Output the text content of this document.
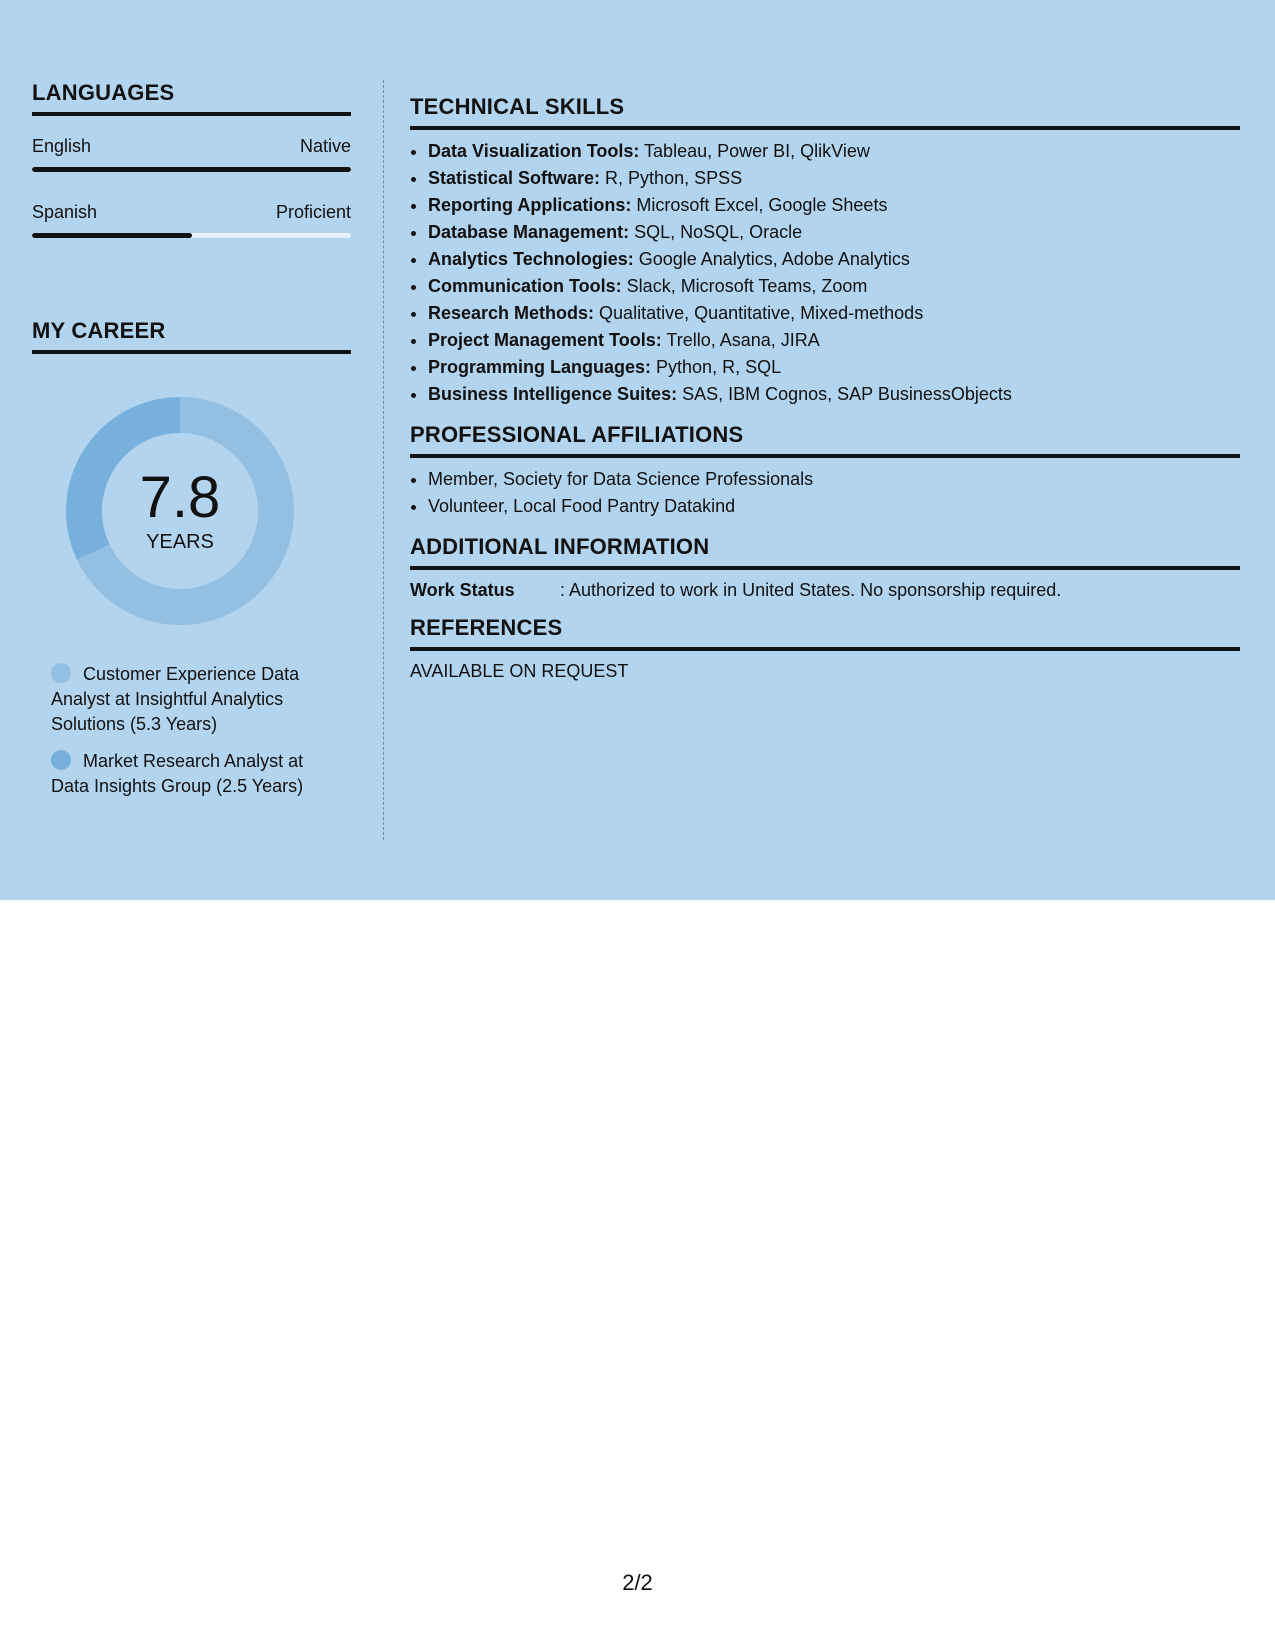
LANGUAGES
English	Native
Spanish	Proficient
MY CAREER
7.8
YEARS
Customer Experience Data Analyst at Insightful Analytics Solutions (5.3 Years)
Market Research Analyst at Data Insights Group (2.5 Years)
TECHNICAL SKILLS
• Data Visualization Tools: Tableau, Power BI, QlikView
• Statistical Software: R, Python, SPSS
• Reporting Applications: Microsoft Excel, Google Sheets
• Database Management: SQL, NoSQL, Oracle
• Analytics Technologies: Google Analytics, Adobe Analytics
• Communication Tools: Slack, Microsoft Teams, Zoom
• Research Methods: Qualitative, Quantitative, Mixed-methods
• Project Management Tools: Trello, Asana, JIRA
• Programming Languages: Python, R, SQL
• Business Intelligence Suites: SAS, IBM Cognos, SAP BusinessObjects
PROFESSIONAL AFFILIATIONS
• Member, Society for Data Science Professionals
• Volunteer, Local Food Pantry Datakind
ADDITIONAL INFORMATION
Work Status	: Authorized to work in United States. No sponsorship required.
REFERENCES
AVAILABLE ON REQUEST
2/2
